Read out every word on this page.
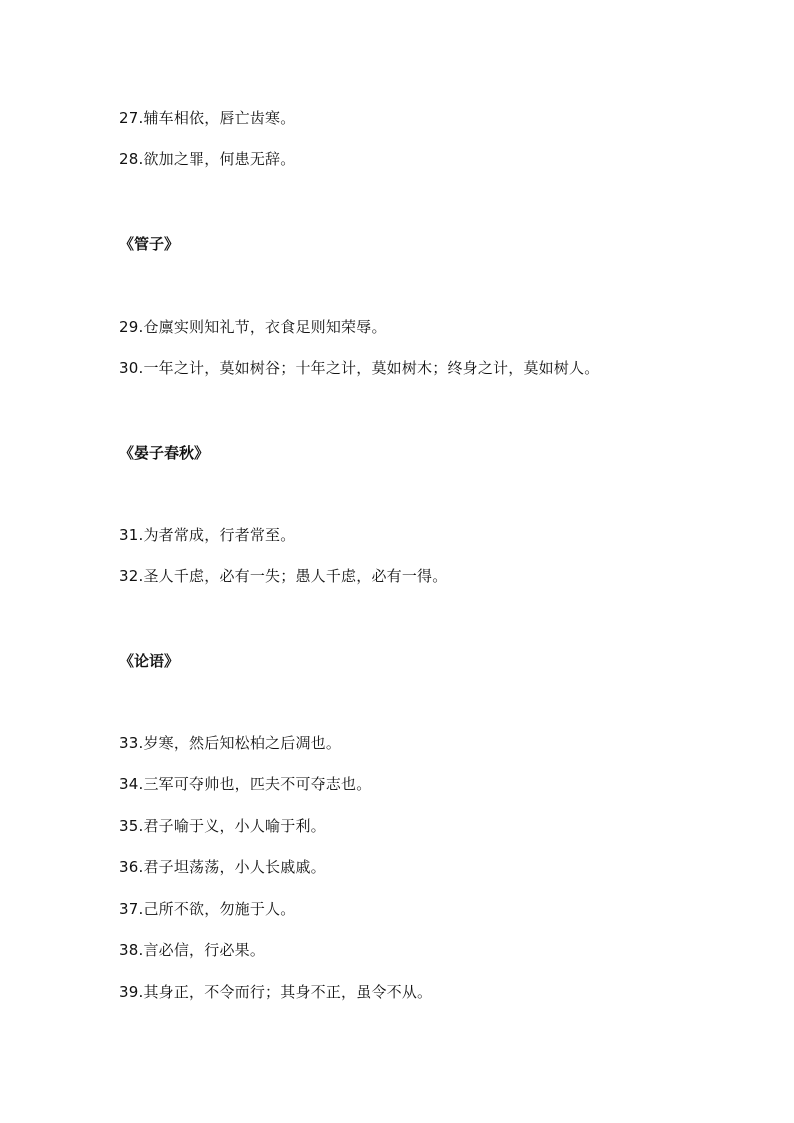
27.辅车相依，唇亡齿寒。
28.欲加之罪，何患无辞。
《管子》
29.仓廪实则知礼节，衣食足则知荣辱。
30.一年之计，莫如树谷；十年之计，莫如树木；终身之计，莫如树人。
《晏子春秋》
31.为者常成，行者常至。
32.圣人千虑，必有一失；愚人千虑，必有一得。
《论语》
33.岁寒，然后知松柏之后凋也。
34.三军可夺帅也，匹夫不可夺志也。
35.君子喻于义，小人喻于利。
36.君子坦荡荡，小人长戚戚。
37.己所不欲，勿施于人。
38.言必信，行必果。
39.其身正，不令而行；其身不正，虽令不从。
